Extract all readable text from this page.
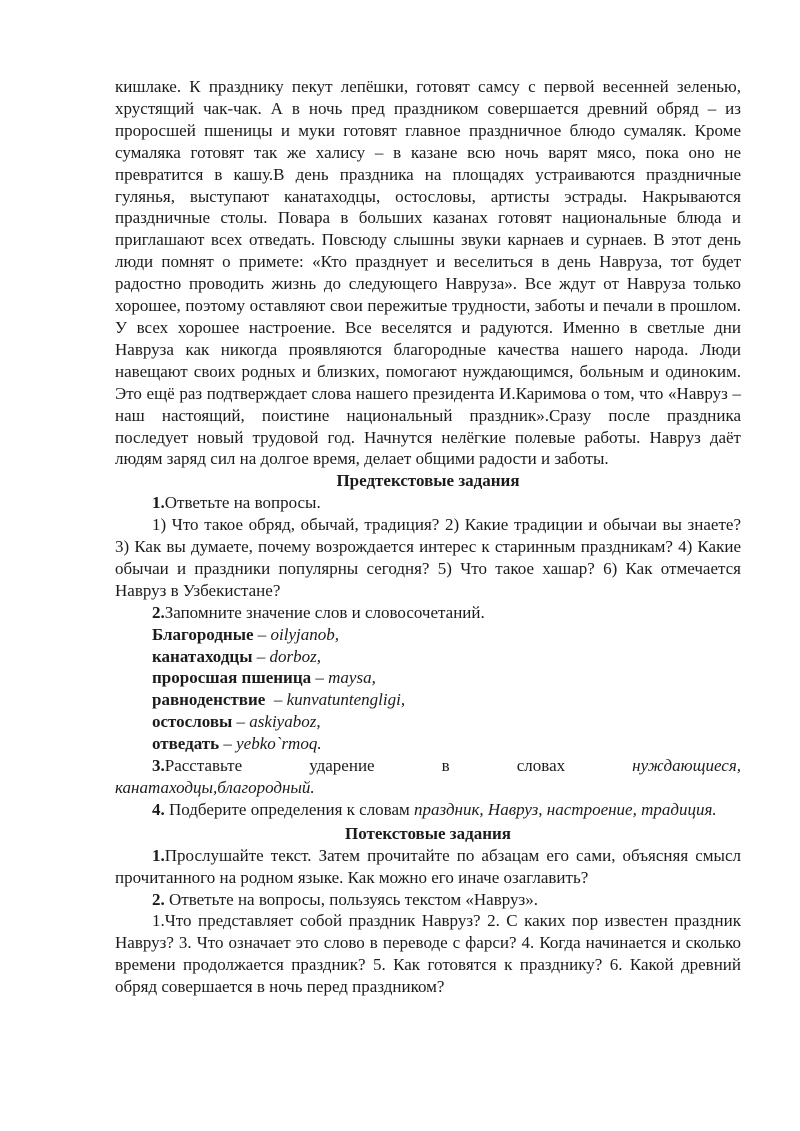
кишлаке. К празднику пекут лепёшки, готовят самсу с первой весенней зеленью, хрустящий чак-чак. А в ночь пред праздником совершается древний обряд – из проросшей пшеницы и муки готовят главное праздничное блюдо сумаляк. Кроме сумаляка готовят так же халису – в казане всю ночь варят мясо, пока оно не превратится в кашу.В день праздника на площадях устраиваются праздничные гулянья, выступают канатаходцы, остословы, артисты эстрады. Накрываются праздничные столы. Повара в больших казанах готовят национальные блюда и приглашают всех отведать. Повсюду слышны звуки карнаев и сурнаев. В этот день люди помнят о примете: «Кто празднует и веселиться в день Навруза, тот будет радостно проводить жизнь до следующего Навруза». Все ждут от Навруза только хорошее, поэтому оставляют свои пережитые трудности, заботы и печали в прошлом. У всех хорошее настроение. Все веселятся и радуются. Именно в светлые дни Навруза как никогда проявляются благородные качества нашего народа. Люди навещают своих родных и близких, помогают нуждающимся, больным и одиноким. Это ещё раз подтверждает слова нашего президента И.Каримова о том, что «Навруз – наш настоящий, поистине национальный праздник».Сразу после праздника последует новый трудовой год. Начнутся нелёгкие полевые работы. Навруз даёт людям заряд сил на долгое время, делает общими радости и заботы.

Предтекстовые задания

1.Ответьте на вопросы.

1) Что такое обряд, обычай, традиция? 2) Какие традиции и обычаи вы знаете? 3) Как вы думаете, почему возрождается интерес к старинным праздникам? 4) Какие обычаи и праздники популярны сегодня? 5) Что такое хашар? 6) Как отмечается Навруз в Узбекистане?

2.Запомните значение слов и словосочетаний.

Благородные – oilyjanob,

канатаходцы – dorboz,

проросшая пшеница – maysa,

равноденствие  – kunvatuntengligi,

остословы – askiyaboz,

отведать – yebko`rmoq.

3.Расставьте	ударение	в	словах	нуждающиеся,

канатаходцы,благородный.

4. Подберите определения к словам праздник, Навруз, настроение, традиция.

Потекстовые задания

1.Прослушайте текст. Затем прочитайте по абзацам его сами, объясняя смысл прочитанного на родном языке. Как можно его иначе озаглавить?

2. Ответьте на вопросы, пользуясь текстом «Навруз».

1.Что представляет собой праздник Навруз? 2. С каких пор известен праздник Навруз? 3. Что означает это слово в переводе с фарси? 4. Когда начинается и сколько времени продолжается праздник? 5. Как готовятся к празднику? 6. Какой древний обряд совершается в ночь перед праздником?
